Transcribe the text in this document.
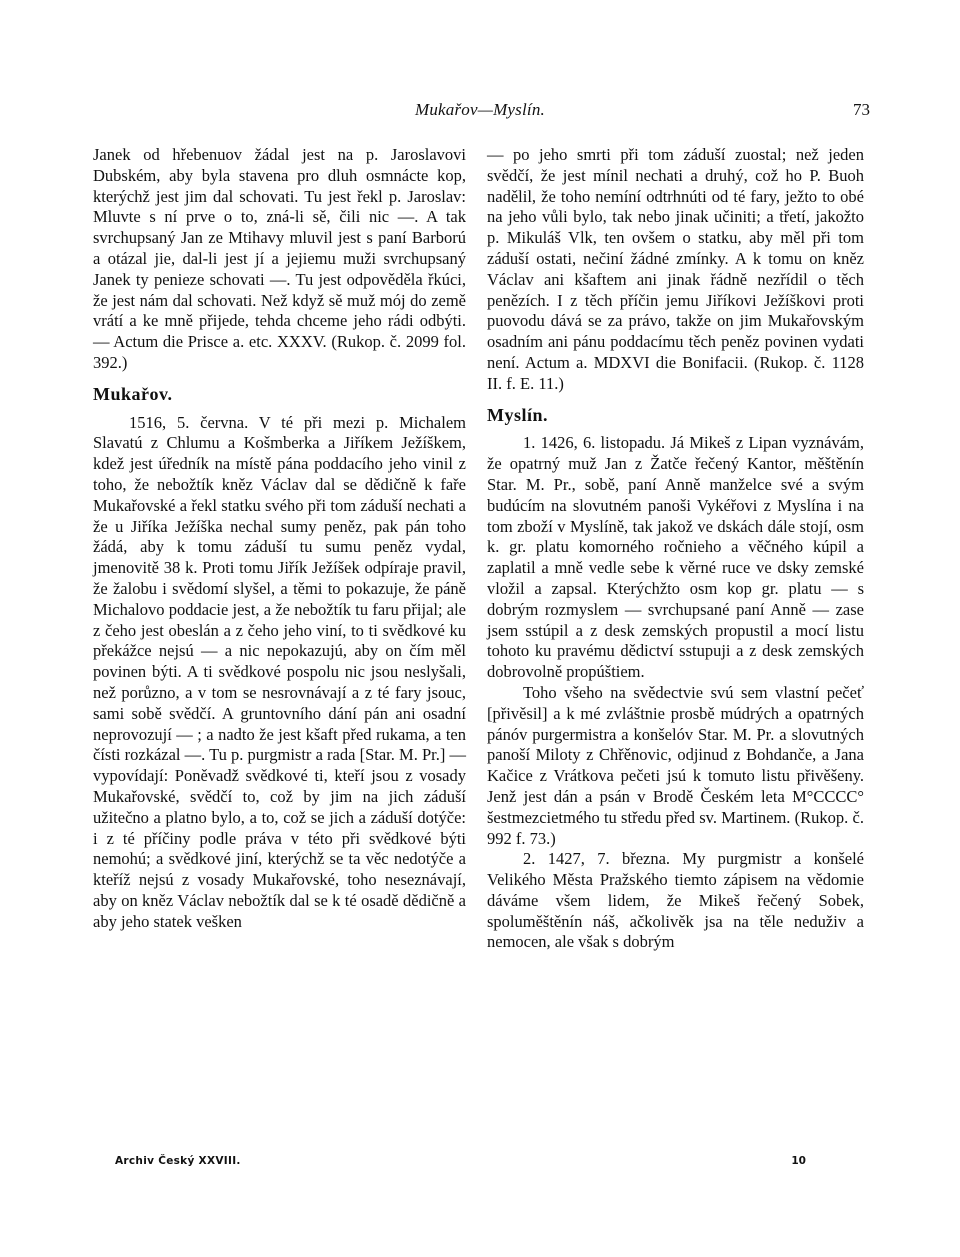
Mukařov—Myslín.	73

Janek od hřebenuov žádal jest na p. Jaroslavovi Dubském, aby byla stavena pro dluh osmnácte kop, kterýchž jest jim dal schovati. Tu jest řekl p. Jaroslav: Mluvte s ní prve o to, zná-li sě, čili nic —. A tak svrchupsaný Jan ze Mtihavy mluvil jest s paní Barború a otázal jie, dal-li jest jí a jejiemu muži svrchupsaný Janek ty penieze schovati —. Tu jest odpověděla řkúci, že jest nám dal schovati. Než když sě muž mój do země vrátí a ke mně přijede, tehda chceme jeho rádi odbýti. — Actum die Prisce a. etc. XXXV. (Rukop. č. 2099 fol. 392.)

Mukařov.

1516, 5. června. V té při mezi p. Michalem Slavatú z Chlumu a Košmberka a Jiříkem Ježíškem, kdež jest úředník na místě pána poddacího jeho vinil z toho, že nebožtík kněz Václav dal se dědičně k faře Mukařovské a řekl statku svého při tom záduší nechati a že u Jiříka Ježíška nechal sumy peněz, pak pán toho žádá, aby k tomu záduší tu sumu peněz vydal, jmenovitě 38 k. Proti tomu Jiřík Ježíšek odpíraje pravil, že žalobu i svědomí slyšel, a těmi to pokazuje, že páně Michalovo poddacie jest, a že nebožtík tu faru přijal; ale z čeho jest obeslán a z čeho jeho viní, to ti svědkové ku překážce nejsú — a nic nepokazujú, aby on čím měl povinen býti. A ti svědkové pospolu nic jsou neslyšali, než porůzno, a v tom se nesrovnávají a z té fary jsouc, sami sobě svědčí. A gruntovního dání pán ani osadní neprovozují — ; a nadto že jest kšaft před rukama, a ten čísti rozkázal —. Tu p. purgmistr a rada [Star. M. Pr.] — vypovídají: Poněvadž svědkové ti, kteří jsou z vosady Mukařovské, svědčí to, což by jim na jich záduší užitečno a platno bylo, a to, což se jich a záduší dotýče: i z té příčiny podle práva v této při svědkové býti nemohú; a svědkové jiní, kterýchž se ta věc nedotýče a kteříž nejsú z vosady Mukařovské, toho neseznávají, aby on kněz Václav nebožtík dal se k té osadě dědičně a aby jeho statek vešken

— po jeho smrti při tom záduší zuostal; než jeden svědčí, že jest mínil nechati a druhý, což ho P. Buoh nadělil, že toho nemíní odtrhnúti od té fary, ježto to obé na jeho vůli bylo, tak nebo jinak učiniti; a třetí, jakožto p. Mikuláš Vlk, ten ovšem o statku, aby měl při tom záduší ostati, nečiní žádné zmínky. A k tomu on kněz Václav ani kšaftem ani jinak řádně nezřídil o těch penězích. I z těch příčin jemu Jiříkovi Ježíškovi proti puovodu dává se za právo, takže on jim Mukařovským osadním ani pánu poddacímu těch peněz povinen vydati není. Actum a. MDXVI die Bonifacii. (Rukop. č. 1128 II. f. E. 11.)

Myslín.

1. 1426, 6. listopadu. Já Mikeš z Lipan vyznávám, že opatrný muž Jan z Žatče řečený Kantor, měštěnín Star. M. Pr., sobě, paní Anně manželce své a svým budúcím na slovutném panoši Vykéřovi z Myslína i na tom zboží v Myslíně, tak jakož ve dskách dále stojí, osm k. gr. platu komorného ročnieho a věčného kúpil a zaplatil a mně vedle sebe k věrné ruce ve dsky zemské vložil a zapsal. Kterýchžto osm kop gr. platu — s dobrým rozmyslem — svrchupsané paní Anně — zase jsem sstúpil a z desk zemských propustil a mocí listu tohoto ku pravému dědictví sstupuji a z desk zemských dobrovolně propúštiem.

Toho všeho na svědectvie svú sem vlastní pečeť [přivěsil] a k mé zvláštnie prosbě múdrých a opatrných pánóv purgermistra a konšelóv Star. M. Pr. a slovutných panoší Miloty z Chřěnovic, odjinud z Bohdanče, a Jana Kačice z Vrátkova pečeti jsú k tomuto listu přivěšeny. Jenž jest dán a psán v Brodě Českém leta M°CCCC° šestmezcietmého tu středu před sv. Martinem. (Rukop. č. 992 f. 73.)

2. 1427, 7. března. My purgmistr a konšelé Velikého Města Pražského tiemto zápisem na vědomie dáváme všem lidem, že Mikeš řečený Sobek, spoluměštěnín náš, ačkolivěk jsa na těle neduživ a nemocen, ale však s dobrým

Archiv Český XXVIII.	10
